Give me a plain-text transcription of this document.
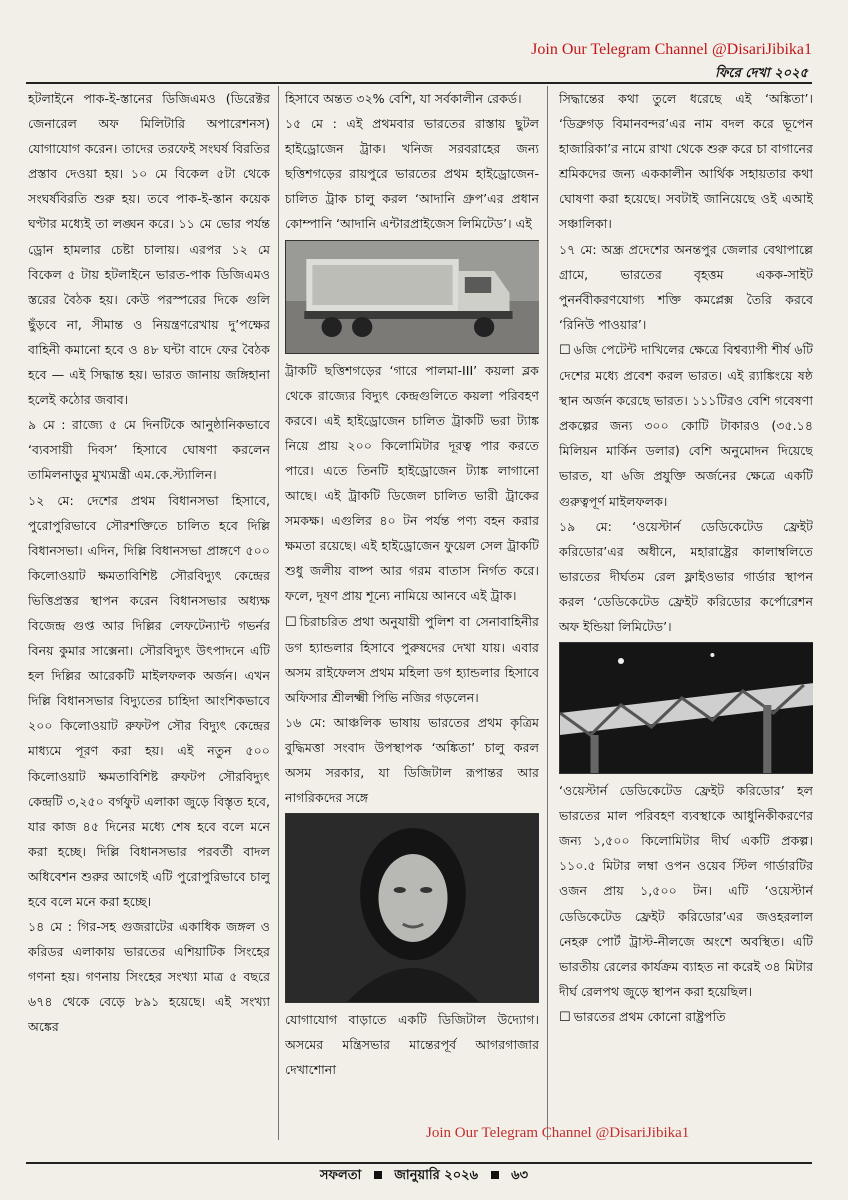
Join Our Telegram Channel @DisariJibika1
ফিরে দেখা ২০২৫

হটলাইনে পাক-ই-স্তানের ডিজিএমও (ডিরেক্টর জেনারেল অফ মিলিটারি অপারেশনস) যোগাযোগ করেন। তাদের তরফেই সংঘর্ষ বিরতির প্রস্তাব দেওয়া হয়। ১০ মে বিকেল ৫টা থেকে সংঘর্ষবিরতি শুরু হয়। তবে পাক-ই-স্তান কয়েক ঘণ্টার মধ্যেই তা লঙ্ঘন করে। ১১ মে ভোর পর্যন্ত ড্রোন হামলার চেষ্টা চালায়। এরপর ১২ মে বিকেল ৫ টায় হটলাইনে ভারত-পাক ডিজিএমও স্তরের বৈঠক হয়। কেউ পরস্পরের দিকে গুলি ছুঁড়বে না, সীমান্ত ও নিয়ন্ত্রণরেখায় দু’পক্ষের বাহিনী কমানো হবে ও ৪৮ ঘন্টা বাদে ফের বৈঠক হবে — এই সিদ্ধান্ত হয়। ভারত জানায় জঙ্গিহানা হলেই কঠোর জবাব।

৯ মে : রাজ্যে ৫ মে দিনটিকে আনুষ্ঠানিকভাবে ‘ব্যবসায়ী দিবস’ হিসাবে ঘোষণা করলেন তামিলনাড়ুর মুখ্যমন্ত্রী এম.কে.স্ট্যালিন।

১২ মে: দেশের প্রথম বিধানসভা হিসাবে, পুরোপুরিভাবে সৌরশক্তিতে চালিত হবে দিল্লি বিধানসভা। এদিন, দিল্লি বিধানসভা প্রাঙ্গণে ৫০০ কিলোওয়াট ক্ষমতাবিশিষ্ট সৌরবিদ্যুৎ কেন্দ্রের ভিত্তিপ্রস্তর স্থাপন করেন বিধানসভার অধ্যক্ষ বিজেন্দ্র গুপ্ত আর দিল্লির লেফটেন্যান্ট গভর্নর বিনয় কুমার সাক্সেনা। সৌরবিদ্যুৎ উৎপাদনে এটি হল দিল্লির আরেকটি মাইলফলক অর্জন। এখন দিল্লি বিধানসভার বিদ্যুতের চাহিদা আংশিকভাবে ২০০ কিলোওয়াট রুফটপ সৌর বিদ্যুৎ কেন্দ্রের মাধ্যমে পূরণ করা হয়। এই নতুন ৫০০ কিলোওয়াট ক্ষমতাবিশিষ্ট রুফটপ সৌরবিদ্যুৎ কেন্দ্রটি ৩,২৫০ বর্গফুট এলাকা জুড়ে বিস্তৃত হবে, যার কাজ ৪৫ দিনের মধ্যে শেষ হবে বলে মনে করা হচ্ছে। দিল্লি বিধানসভার পরবর্তী বাদল অধিবেশন শুরুর আগেই এটি পুরোপুরিভাবে চালু হবে বলে মনে করা হচ্ছে।

১৪ মে : গির-সহ গুজরাটের একাধিক জঙ্গল ও করিডর এলাকায় ভারতের এশিয়াটিক সিংহের গণনা হয়। গণনায় সিংহের সংখ্যা মাত্র ৫ বছরে ৬৭৪ থেকে বেড়ে ৮৯১ হয়েছে। এই সংখ্যা অঙ্কের

হিসাবে অন্তত ৩২% বেশি, যা সর্বকালীন রেকর্ড।

১৫ মে : এই প্রথমবার ভারতের রাস্তায় ছুটল হাইড্রোজেন ট্রাক। খনিজ সরবরাহের জন্য ছত্তিশগড়ের রায়পুরে ভারতের প্রথম হাইড্রোজেন-চালিত ট্রাক চালু করল ‘আদানি গ্রুপ’এর প্রধান কোম্পানি ‘আদানি এন্টারপ্রাইজেস লিমিটেড’। এই

ট্রাকটি ছত্তিশগড়ের ‘গারে পালমা-III’ কয়লা ব্লক থেকে রাজ্যের বিদ্যুৎ কেন্দ্রগুলিতে কয়লা পরিবহণ করবে। এই হাইড্রোজেন চালিত ট্রাকটি ভরা ট্যাঙ্ক নিয়ে প্রায় ২০০ কিলোমিটার দূরত্ব পার করতে পারে। এতে তিনটি হাইড্রোজেন ট্যাঙ্ক লাগানো আছে। এই ট্রাকটি ডিজেল চালিত ভারী ট্রাকের সমকক্ষ। এগুলির ৪০ টন পর্যন্ত পণ্য বহন করার ক্ষমতা রয়েছে। এই হাইড্রোজেন ফুয়েল সেল ট্রাকটি শুধু জলীয় বাষ্প আর গরম বাতাস নির্গত করে। ফলে, দূষণ প্রায় শূন্যে নামিয়ে আনবে এই ট্রাক।

☐ চিরাচরিত প্রথা অনুযায়ী পুলিশ বা সেনাবাহিনীর ডগ হ্যান্ডলার হিসাবে পুরুষদের দেখা যায়। এবার অসম রাইফেলস প্রথম মহিলা ডগ হ্যান্ডলার হিসাবে অফিসার শ্রীলক্ষ্মী পিভি নজির গড়লেন।

১৬ মে: আঞ্চলিক ভাষায় ভারতের প্রথম কৃত্রিম বুদ্ধিমত্তা সংবাদ উপস্থাপক ‘অঙ্কিতা’ চালু করল অসম সরকার, যা ডিজিটাল রূপান্তর আর নাগরিকদের সঙ্গে

যোগাযোগ বাড়াতে একটি ডিজিটাল উদ্যোগ। অসমের মন্ত্রিসভার মান্তেরপূর্ব আগরগাজার দেখাশোনা

সিদ্ধান্তের কথা তুলে ধরেছে এই ‘অঙ্কিতা’। ‘ডিব্রুগড় বিমানবন্দর’এর নাম বদল করে ভূপেন হাজারিকা’র নামে রাখা থেকে শুরু করে চা বাগানের শ্রমিকদের জন্য এককালীন আর্থিক সহায়তার কথা ঘোষণা করা হয়েছে। সবটাই জানিয়েছে ওই এআই সঞ্চালিকা।

১৭ মে: অন্ধ্র প্রদেশের অনন্তপুর জেলার বেথাপাল্লে গ্রামে, ভারতের বৃহত্তম একক-সাইট পুনর্নবীকরণযোগ্য শক্তি কমপ্লেক্স তৈরি করবে ‘রিনিউ পাওয়ার’।

☐ ৬জি পেটেন্ট দাখিলের ক্ষেত্রে বিশ্বব্যাপী শীর্ষ ৬টি দেশের মধ্যে প্রবেশ করল ভারত। এই র‍্যাঙ্কিংয়ে ষষ্ঠ স্থান অর্জন করেছে ভারত। ১১১টিরও বেশি গবেষণা প্রকল্পের জন্য ৩০০ কোটি টাকারও (৩৫.১৪ মিলিয়ন মার্কিন ডলার) বেশি অনুমোদন দিয়েছে ভারত, যা ৬জি প্রযুক্তি অর্জনের ক্ষেত্রে একটি গুরুত্বপূর্ণ মাইলফলক।

১৯ মে: ‘ওয়েস্টার্ন ডেডিকেটেড ফ্রেইট করিডোর’এর অধীনে, মহারাষ্ট্রের কালাম্বলিতে ভারতের দীর্ঘতম রেল ফ্লাইওভার গার্ডার স্থাপন করল ‘ডেডিকেটেড ফ্রেইট করিডোর কর্পোরেশন অফ ইন্ডিয়া লিমিটেড’।

‘ওয়েস্টার্ন ডেডিকেটেড ফ্রেইট করিডোর’ হল ভারতের মাল পরিবহণ ব্যবস্থাকে আধুনিকীকরণের জন্য ১,৫০০ কিলোমিটার দীর্ঘ একটি প্রকল্প। ১১০.৫ মিটার লম্বা ওপন ওয়েব স্টিল গার্ডারটির ওজন প্রায় ১,৫০০ টন। এটি ‘ওয়েস্টার্ন ডেডিকেটেড ফ্রেইট করিডোর’এর জওহরলাল নেহরু পোর্ট ট্রাস্ট-নীলজে অংশে অবস্থিত। এটি ভারতীয় রেলের কার্যক্রম ব্যাহত না করেই ৩৪ মিটার দীর্ঘ রেলপথ জুড়ে স্থাপন করা হয়েছিল।

☐ ভারতের প্রথম কোনো রাষ্ট্রপতি

Join Our Telegram Channel @DisariJibika1
সফলতা	জানুয়ারি ২০২৬	৬৩
